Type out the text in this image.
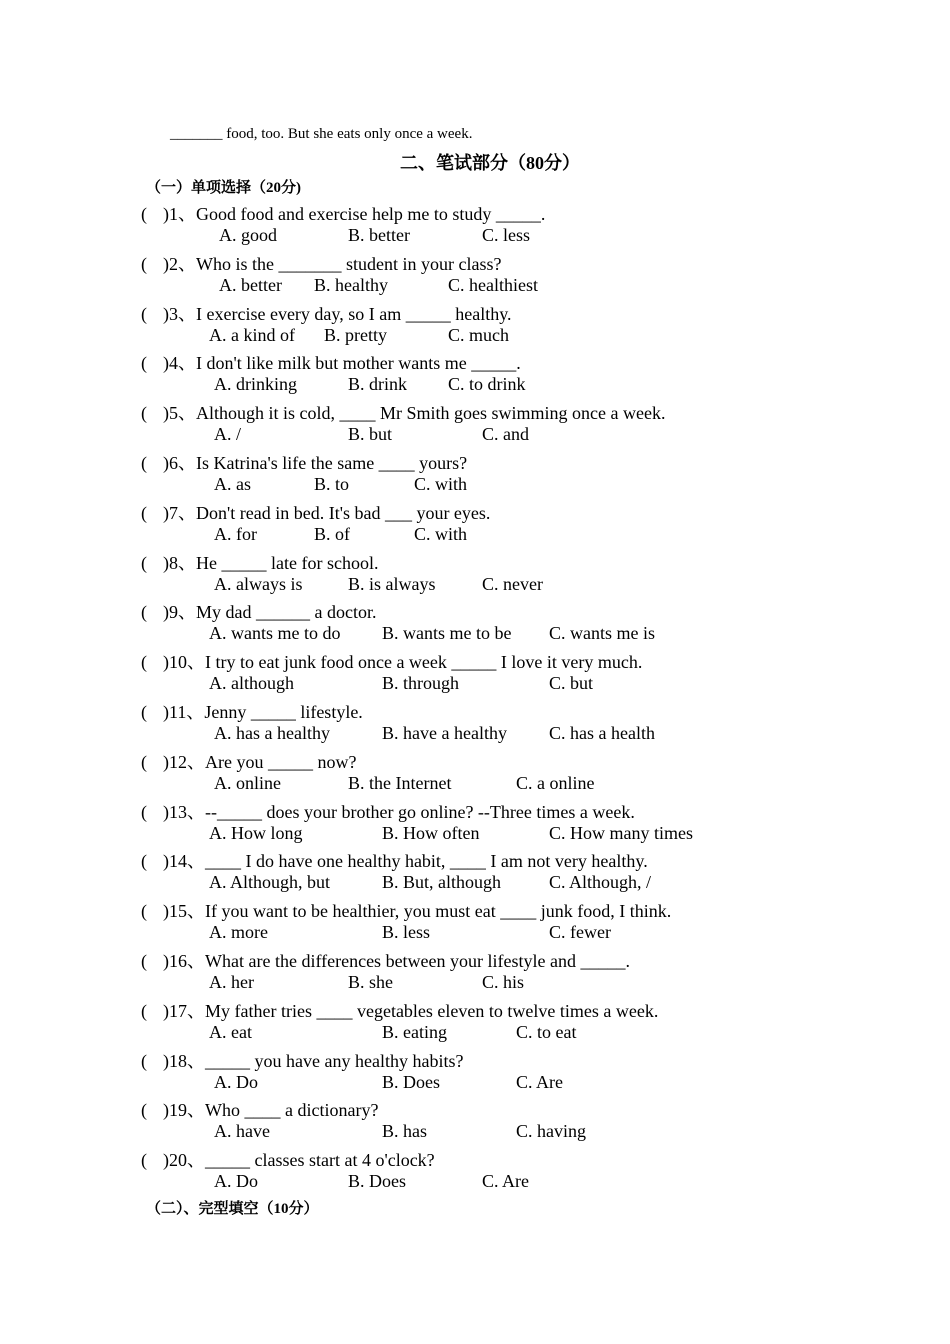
_______ food, too. But she eats only once a week.
二、笔试部分（80分）
（一）单项选择（20分)
( )1、Good food and exercise help me to study _____.
A. good	B. better	C. less
( )2、Who is the _______ student in your class?
A. better B. healthy	C. healthiest
( )3、I exercise every day, so I am _____ healthy.
A. a kind of B. pretty	C. much
( )4、I don't like milk but mother wants me _____.
A. drinking	B. drink C. to drink
( )5、Although it is cold, ____ Mr Smith goes swimming once a week.
A. /	B. but	C. and
( )6、Is Katrina's life the same ____ yours?
A. as	B. to	C. with
( )7、Don't read in bed. It's bad ___ your eyes.
A. for	B. of	C. with
( )8、He _____ late for school.
A. always is	B. is always	C. never
( )9、My dad ______ a doctor.
A. wants me to do B. wants me to be C. wants me is
( )10、I try to eat junk food once a week _____ I love it very much.
A. although	B. through	C. but
( )11、Jenny _____ lifestyle.
A. has a healthy	B. have a healthy C. has a health
( )12、Are you _____ now?
A. online	B. the Internet	C. a online
( )13、--_____ does your brother go online? --Three times a week.
A. How long	B. How often	C. How many times
( )14、____ I do have one healthy habit, ____ I am not very healthy.
A. Although, but	B. But, although	C. Although, /
( )15、If you want to be healthier, you must eat ____ junk food, I think.
A. more	B. less	C. fewer
( )16、What are the differences between your lifestyle and _____.
A. her	B. she	C. his
( )17、My father tries ____ vegetables eleven to twelve times a week.
A. eat	B. eating	C. to eat
( )18、_____ you have any healthy habits?
A. Do	B. Does	C. Are
( )19、Who ____ a dictionary?
A. have	B. has	C. having
( )20、_____ classes start at 4 o'clock?
A. Do	B. Does	C. Are
（二）、完型填空（10分）
